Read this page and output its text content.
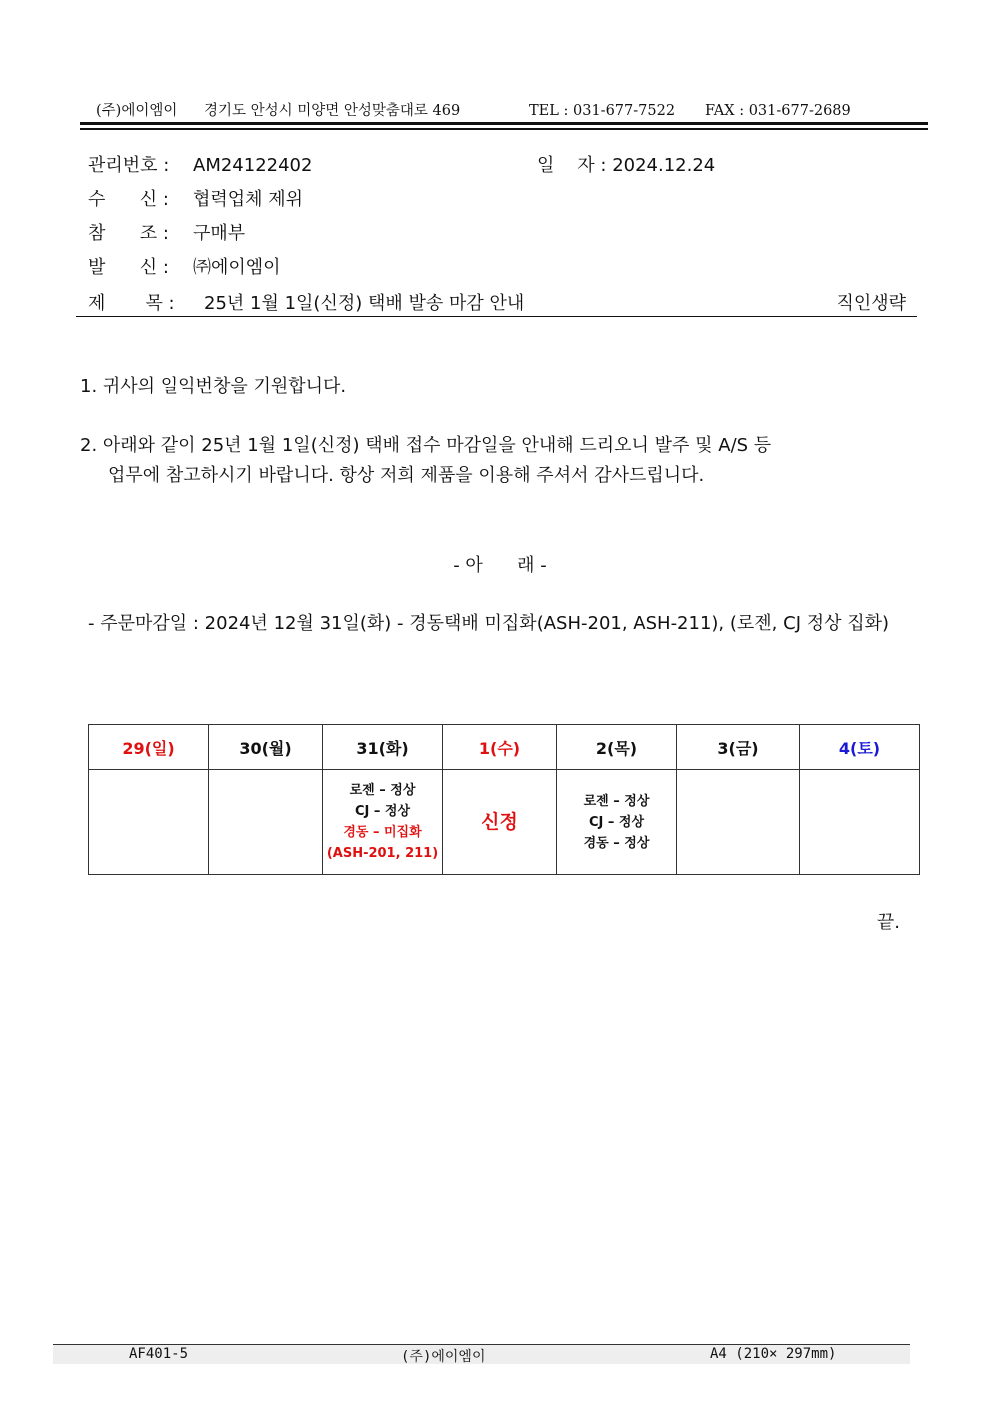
(주)에이엠이 경기도 안성시 미양면 안성맞춤대로 469	TEL : 031-677-7522 FAX : 031-677-2689
관리번호 : AM24122402	일    자 : 2024.12.24
수      신 : 협력업체 제위
참      조 : 구매부
발      신 : ㈜에이엠이
제       목 : 25년 1월 1일(신정) 택배 발송 마감 안내	직인생략
1. 귀사의 일익번창을 기원합니다.
2. 아래와 같이 25년 1월 1일(신정) 택배 접수 마감일을 안내해 드리오니 발주 및 A/S 등
업무에 참고하시기 바랍니다. 항상 저희 제품을 이용해 주셔서 감사드립니다.
- 아      래 -
- 주문마감일 : 2024년 12월 31일(화) - 경동택배 미집화(ASH-201, ASH-211), (로젠, CJ 정상 집화)
29(일)	30(월)	31(화)	1(수)	2(목)	3(금)	4(토)

		로젠 – 정상
CJ – 정상
경동 – 미집화
(ASH-201, 211)	신정	로젠 – 정상
CJ – 정상
경동 – 정상		

끝.
AF401-5	(주)에이엠이	A4 (210× 297mm)
